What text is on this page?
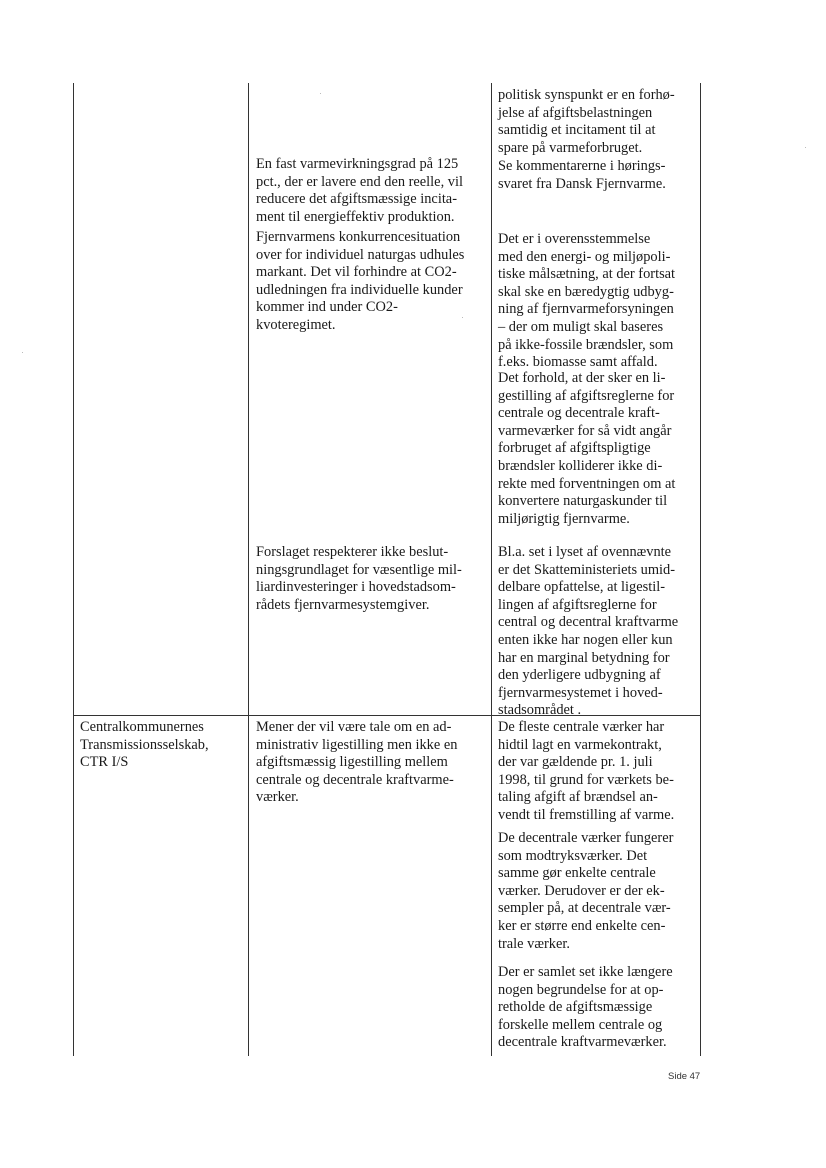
En fast varmevirkningsgrad på 125
pct., der er lavere end den reelle, vil
reducere det afgiftsmæssige incita-
ment til energieffektiv produktion.
Fjernvarmens konkurrencesituation
over for individuel naturgas udhules
markant. Det vil forhindre at CO2-
udledningen fra individuelle kunder
kommer ind under CO2-
kvoteregimet.
Forslaget respekterer ikke beslut-
ningsgrundlaget for væsentlige mil-
liardinvesteringer i hovedstadsom-
rådets fjernvarmesystemgiver.
politisk synspunkt er en forhø-
jelse af afgiftsbelastningen
samtidig et incitament til at
spare på varmeforbruget.
Se kommentarerne i hørings-
svaret fra Dansk Fjernvarme.
Det er i overensstemmelse
med den energi- og miljøpoli-
tiske målsætning, at der fortsat
skal ske en bæredygtig udbyg-
ning af fjernvarmeforsyningen
– der om muligt skal baseres
på ikke-fossile brændsler, som
f.eks. biomasse samt affald.
Det forhold, at der sker en li-
gestilling af afgiftsreglerne for
centrale og decentrale kraft-
varmeværker for så vidt angår
forbruget af afgiftspligtige
brændsler kolliderer ikke di-
rekte med forventningen om at
konvertere naturgaskunder til
miljørigtig fjernvarme.
Bl.a. set i lyset af ovennævnte
er det Skatteministeriets umid-
delbare opfattelse, at ligestil-
lingen af afgiftsreglerne for
central og decentral kraftvarme
enten ikke har nogen eller kun
har en marginal betydning for
den yderligere udbygning af
fjernvarmesystemet i hoved-
stadsområdet .
Centralkommunernes
Transmissionsselskab,
CTR I/S
Mener der vil være tale om en ad-
ministrativ ligestilling men ikke en
afgiftsmæssig ligestilling mellem
centrale og decentrale kraftvarme-
værker.
De fleste centrale værker har
hidtil lagt en varmekontrakt,
der var gældende pr. 1. juli
1998, til grund for værkets be-
taling afgift af brændsel an-
vendt til fremstilling af varme.
De decentrale værker fungerer
som modtryksværker. Det
samme gør enkelte centrale
værker. Derudover er der ek-
sempler på, at decentrale vær-
ker er større end enkelte cen-
trale værker.
Der er samlet set ikke længere
nogen begrundelse for at op-
retholde de afgiftsmæssige
forskelle mellem centrale og
decentrale kraftvarmeværker.
Side 47
